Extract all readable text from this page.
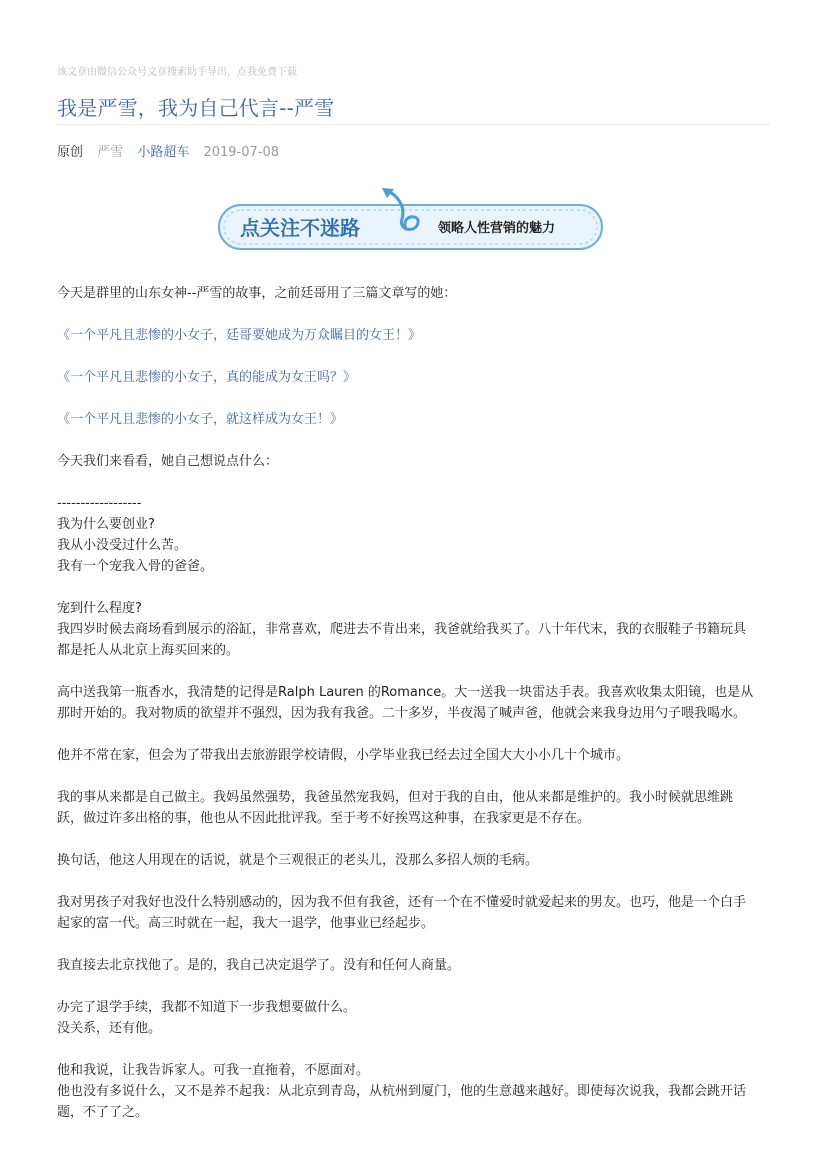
该文章由微信公众号文章搜索助手导出，点我免费下载
我是严雪，我为自己代言--严雪
原创 严雪 小路超车 2019-07-08
点关注不迷路	领略人性营销的魅力

今天是群里的山东女神--严雪的故事，之前廷哥用了三篇文章写的她：

《一个平凡且悲惨的小女子，廷哥要她成为万众瞩目的女王！》

《一个平凡且悲惨的小女子，真的能成为女王吗？》

《一个平凡且悲惨的小女子，就这样成为女王！》

今天我们来看看，她自己想说点什么：

------------------

我为什么要创业?

我从小没受过什么苦。

我有一个宠我入骨的爸爸。

宠到什么程度?

我四岁时候去商场看到展示的浴缸，非常喜欢，爬进去不肯出来，我爸就给我买了。八十年代末，我的衣服鞋子书籍玩具

都是托人从北京上海买回来的。

高中送我第一瓶香水，我清楚的记得是Ralph Lauren 的Romance。大一送我一块雷达手表。我喜欢收集太阳镜，也是从

那时开始的。我对物质的欲望并不强烈，因为我有我爸。二十多岁，半夜渴了喊声爸，他就会来我身边用勺子喂我喝水。

他并不常在家，但会为了带我出去旅游跟学校请假，小学毕业我已经去过全国大大小小几十个城市。

我的事从来都是自己做主。我妈虽然强势，我爸虽然宠我妈，但对于我的自由，他从来都是维护的。我小时候就思维跳

跃，做过许多出格的事，他也从不因此批评我。至于考不好挨骂这种事，在我家更是不存在。

换句话，他这人用现在的话说，就是个三观很正的老头儿，没那么多招人烦的毛病。

我对男孩子对我好也没什么特别感动的，因为我不但有我爸，还有一个在不懂爱时就爱起来的男友。也巧，他是一个白手

起家的富一代。高三时就在一起，我大一退学，他事业已经起步。

我直接去北京找他了。是的，我自己决定退学了。没有和任何人商量。

办完了退学手续，我都不知道下一步我想要做什么。

没关系，还有他。

他和我说，让我告诉家人。可我一直拖着，不愿面对。

他也没有多说什么，又不是养不起我：从北京到青岛，从杭州到厦门，他的生意越来越好。即使每次说我，我都会跳开话

题，不了了之。
